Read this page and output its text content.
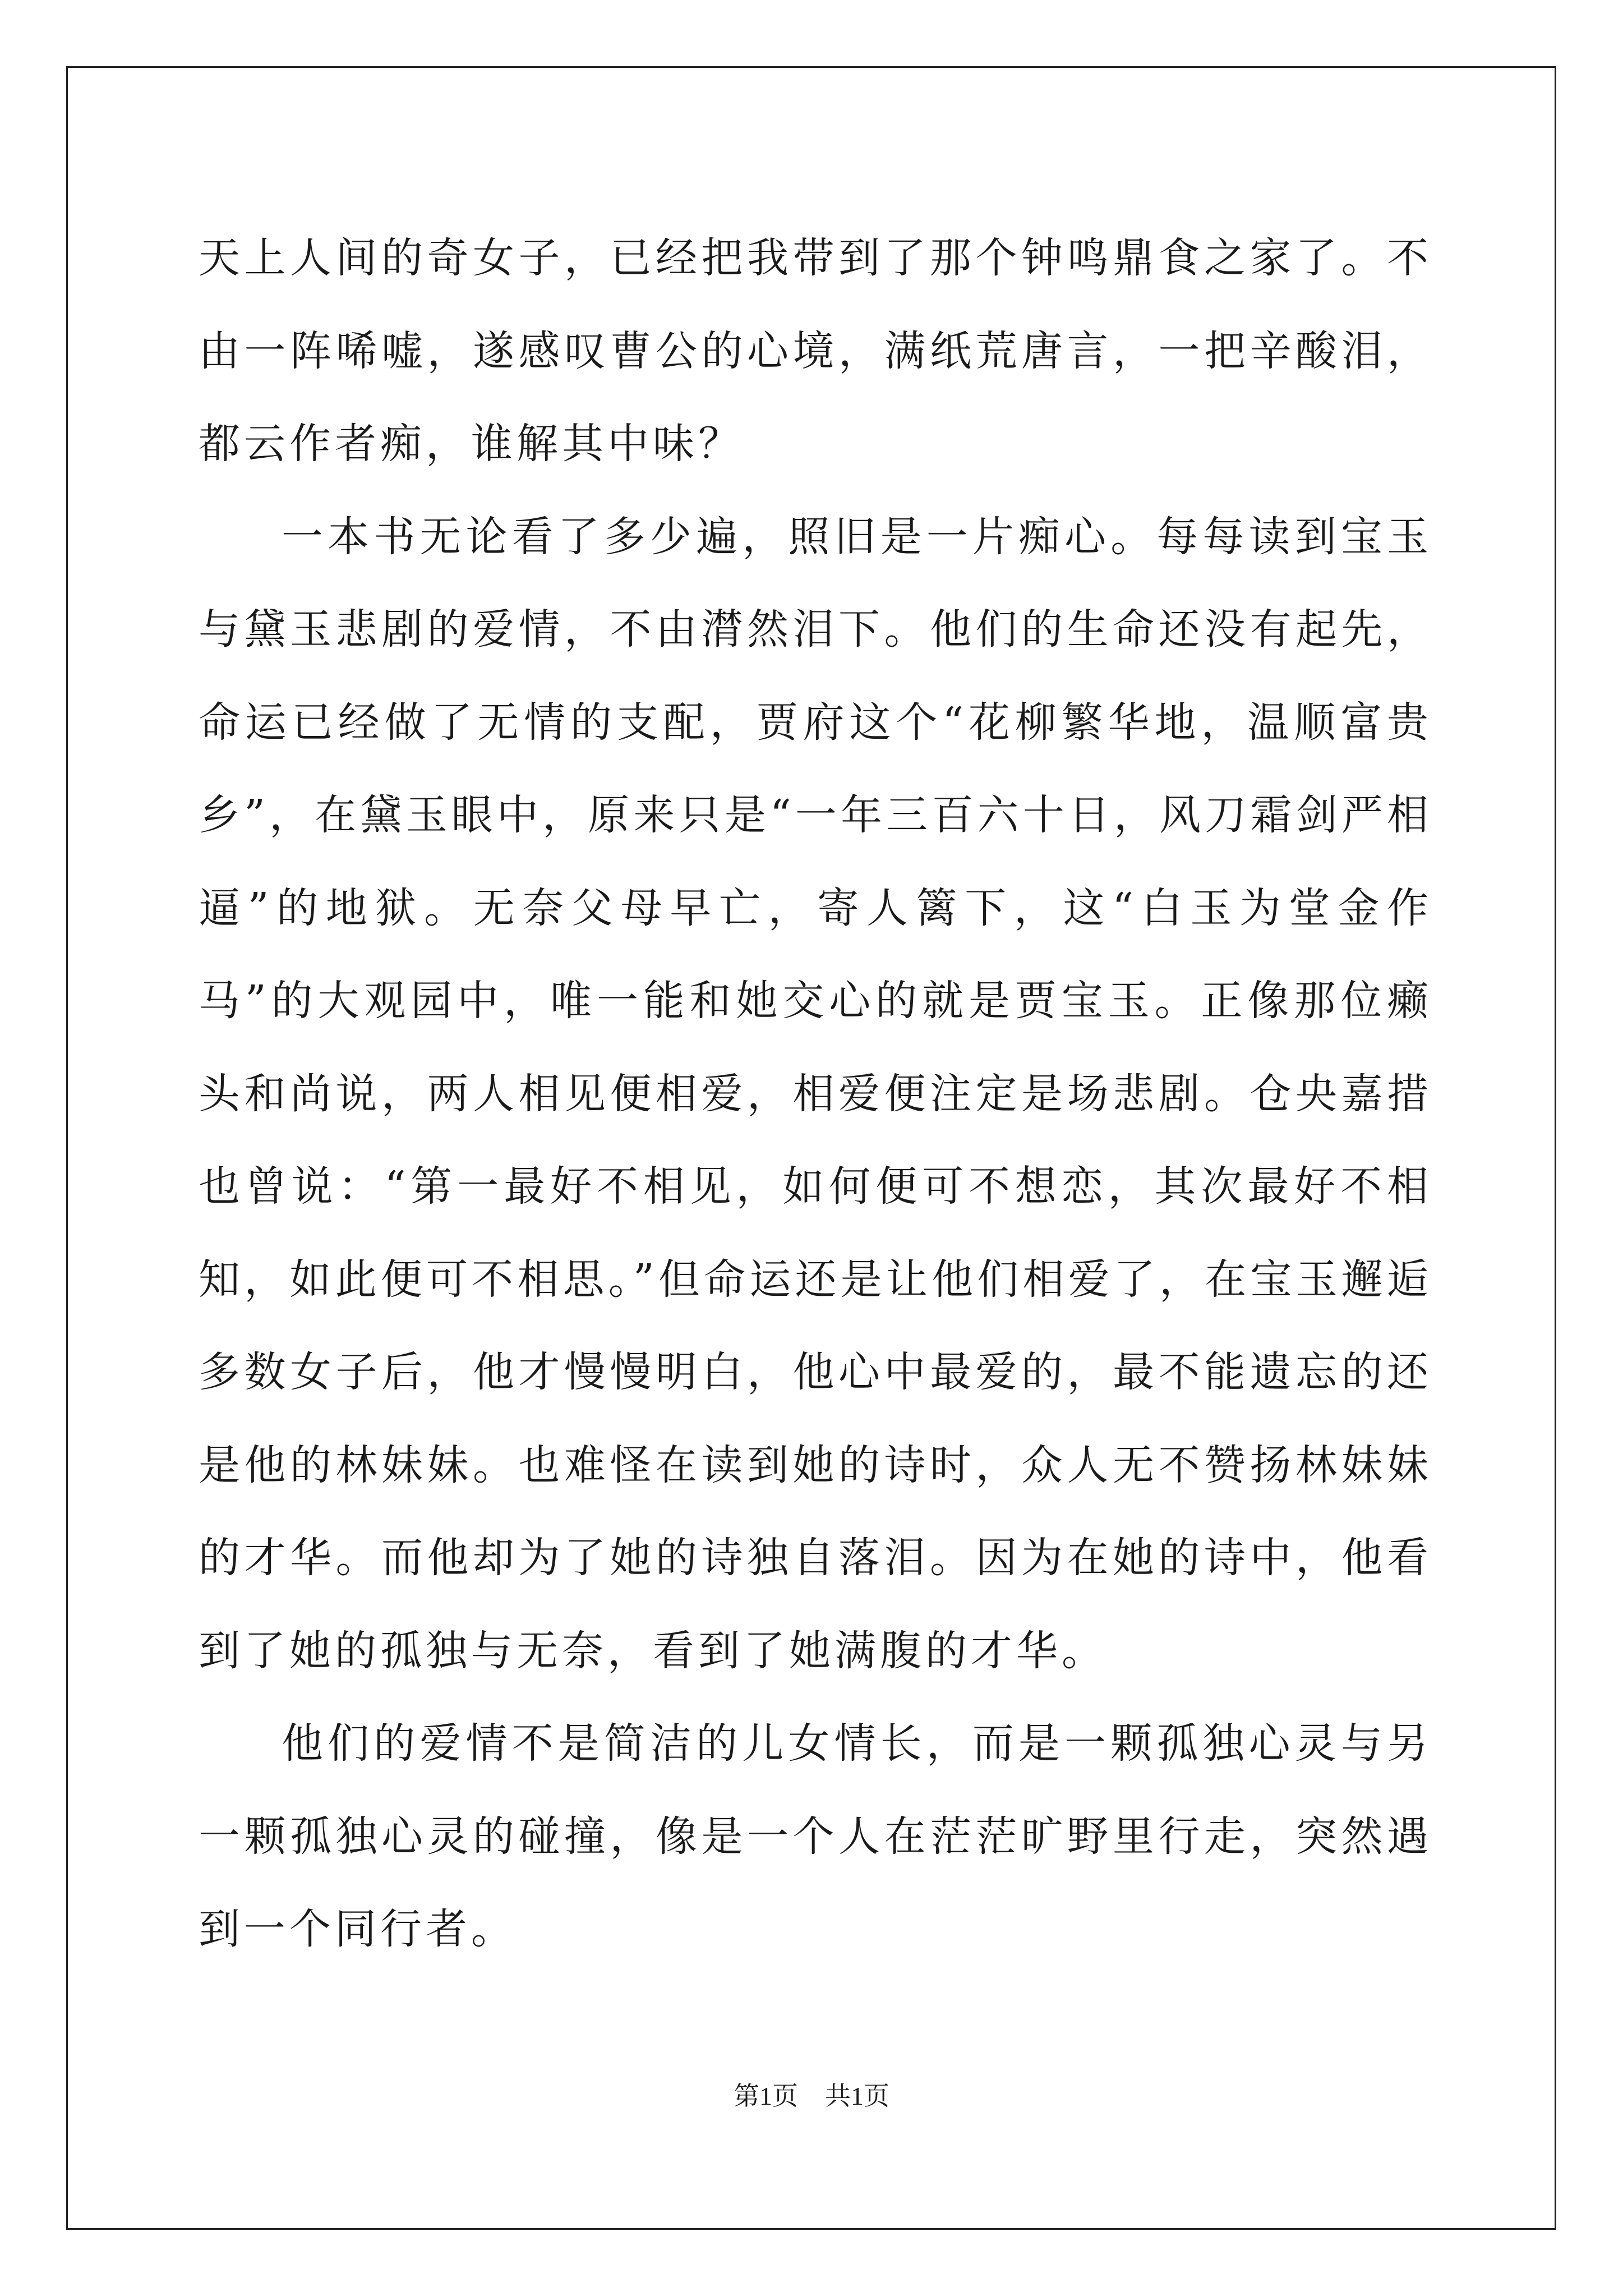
天上人间的奇女子，已经把我带到了那个钟鸣鼎食之家了。不由一阵唏嘘，遂感叹曹公的心境，满纸荒唐言，一把辛酸泪，都云作者痴，谁解其中味？

一本书无论看了多少遍，照旧是一片痴心。每每读到宝玉与黛玉悲剧的爱情，不由潸然泪下。他们的生命还没有起先，命运已经做了无情的支配，贾府这个“花柳繁华地，温顺富贵乡”，在黛玉眼中，原来只是“一年三百六十日，风刀霜剑严相逼”的地狱。无奈父母早亡，寄人篱下，这“白玉为堂金作马”的大观园中，唯一能和她交心的就是贾宝玉。正像那位癞头和尚说，两人相见便相爱，相爱便注定是场悲剧。仓央嘉措也曾说：“第一最好不相见，如何便可不想恋，其次最好不相知，如此便可不相思。”但命运还是让他们相爱了，在宝玉邂逅多数女子后，他才慢慢明白，他心中最爱的，最不能遗忘的还是他的林妹妹。也难怪在读到她的诗时，众人无不赞扬林妹妹的才华。而他却为了她的诗独自落泪。因为在她的诗中，他看到了她的孤独与无奈，看到了她满腹的才华。

他们的爱情不是简洁的儿女情长，而是一颗孤独心灵与另一颗孤独心灵的碰撞，像是一个人在茫茫旷野里行走，突然遇到一个同行者。

第1页 共1页
